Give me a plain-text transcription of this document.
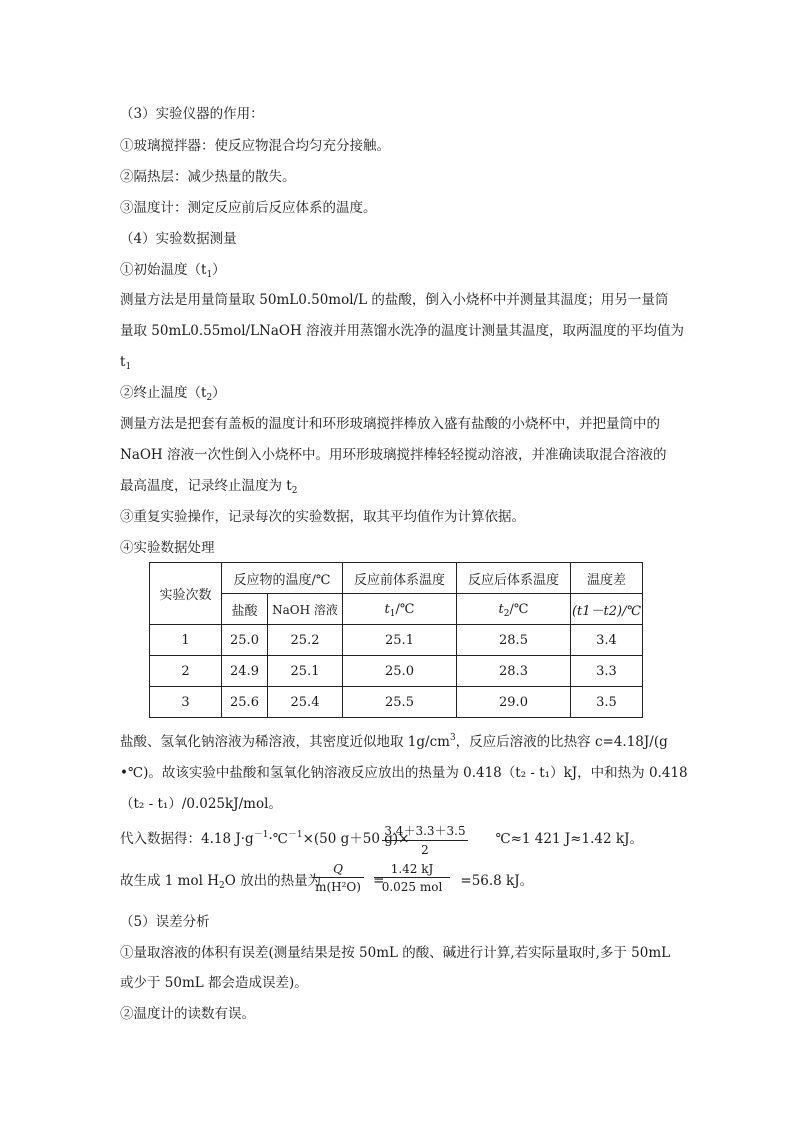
（3）实验仪器的作用：
①玻璃搅拌器：使反应物混合均匀充分接触。
②隔热层：减少热量的散失。
③温度计：测定反应前后反应体系的温度。
（4）实验数据测量
①初始温度$(t_1)$
测量方法是用量筒量取 50mL0.50mol/L 的盐酸，倒入小烧杯中并测量其温度；用另一量筒
量取 50mL0.55mol/LNaOH 溶液并用蒸馏水洗净的温度计测量其温度，取两温度的平均值为
$t_1$
②终止温度$(t_2)$
测量方法是把套有盖板的温度计和环形玻璃搅拌棒放入盛有盐酸的小烧杯中，并把量筒中的
NaOH 溶液一次性倒入小烧杯中。用环形玻璃搅拌棒轻轻搅动溶液，并准确读取混合溶液的
最高温度，记录终止温度为 $t_2$
③重复实验操作，记录每次的实验数据，取其平均值作为计算依据。
④实验数据处理
实验次数	反应物的温度/℃		反应前体系温度	反应后体系温度	温度差
	盐酸	NaOH 溶液	$t_1/℃$	$t_2/℃$	(t1－t2)/℃
1	25.0	25.2	25.1	28.5	3.4
2	24.9	25.1	25.0	28.3	3.3
3	25.6	25.4	25.5	29.0	3.5
盐酸、氢氧化钠溶液为稀溶液，其密度近似地取 $1g/cm^3$，反应后溶液的比热容 c=4.18J/(g
•℃)。故该实验中盐酸和氢氧化钠溶液反应放出的热量为 0.418（t₂ - t₁）kJ，中和热为 0.418
（t₂ - t₁）/0.025kJ/mol。
代入数据得：4.18 $J\cdot g^{-1}\cdot℃^{-1}\times(50$ g＋50 g)×	℃≈1 421 J≈1.42 kJ。
$\frac{3.4+3.3+3.5}{2}$
故生成 1 mol $H_2O$ 放出的热量为	=	=56.8 kJ。
$\frac{Q}{\text{m(H²O)}}$	1.42 kJ
0.025 mol
（5）误差分析
①量取溶液的体积有误差(测量结果是按 50mL 的酸、碱进行计算,若实际量取时,多于 50mL
或少于 50mL 都会造成误差)。
②温度计的读数有误。
